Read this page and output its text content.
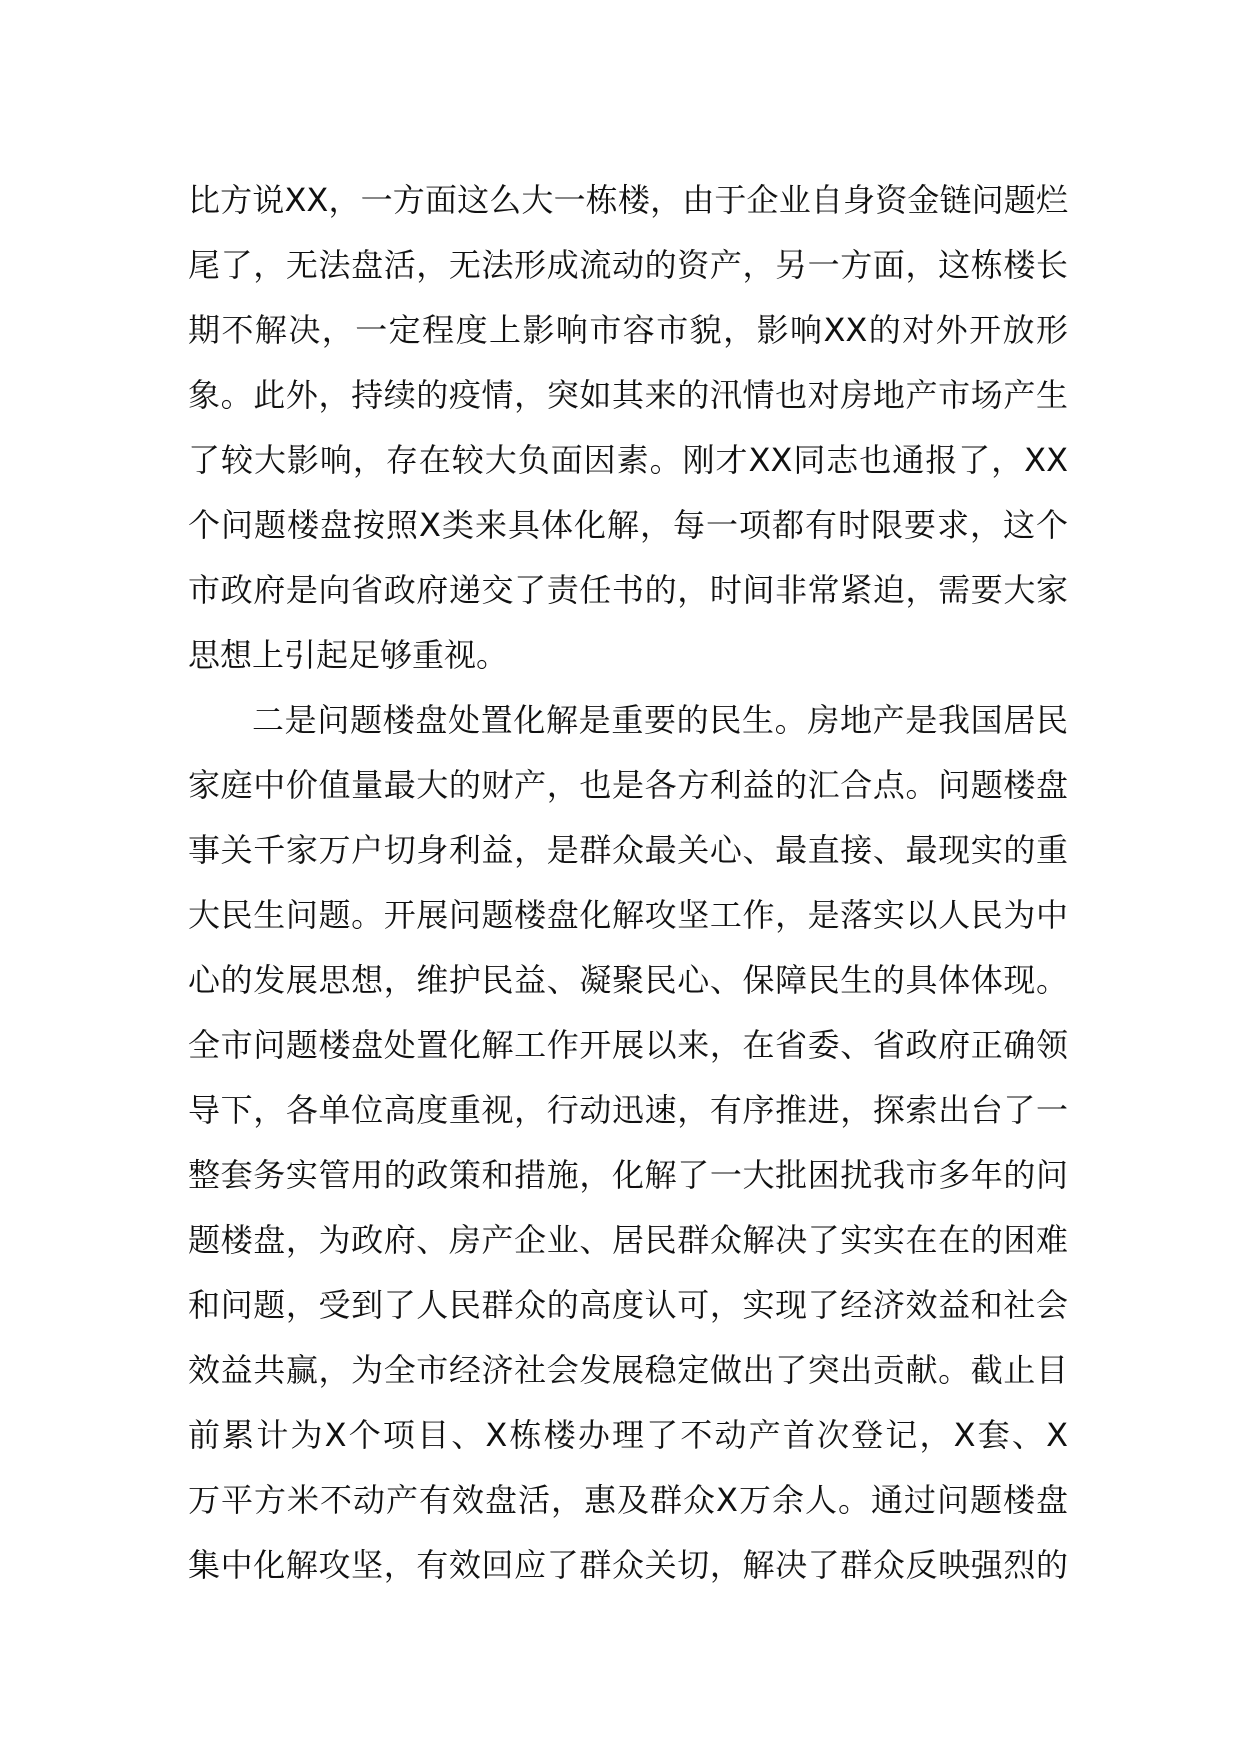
比方说XX，一方面这么大一栋楼，由于企业自身资金链问题烂
尾了，无法盘活，无法形成流动的资产，另一方面，这栋楼长
期不解决，一定程度上影响市容市貌，影响XX的对外开放形
象。此外，持续的疫情，突如其来的汛情也对房地产市场产生
了较大影响，存在较大负面因素。刚才XX同志也通报了，XX
个问题楼盘按照X类来具体化解，每一项都有时限要求，这个
市政府是向省政府递交了责任书的，时间非常紧迫，需要大家
思想上引起足够重视。
二是问题楼盘处置化解是重要的民生。房地产是我国居民
家庭中价值量最大的财产，也是各方利益的汇合点。问题楼盘
事关千家万户切身利益，是群众最关心、最直接、最现实的重
大民生问题。开展问题楼盘化解攻坚工作，是落实以人民为中
心的发展思想，维护民益、凝聚民心、保障民生的具体体现。
全市问题楼盘处置化解工作开展以来，在省委、省政府正确领
导下，各单位高度重视，行动迅速，有序推进，探索出台了一
整套务实管用的政策和措施，化解了一大批困扰我市多年的问
题楼盘，为政府、房产企业、居民群众解决了实实在在的困难
和问题，受到了人民群众的高度认可，实现了经济效益和社会
效益共赢，为全市经济社会发展稳定做出了突出贡献。截止目
前累计为X个项目、X栋楼办理了不动产首次登记，X套、X
万平方米不动产有效盘活，惠及群众X万余人。通过问题楼盘
集中化解攻坚，有效回应了群众关切，解决了群众反映强烈的
